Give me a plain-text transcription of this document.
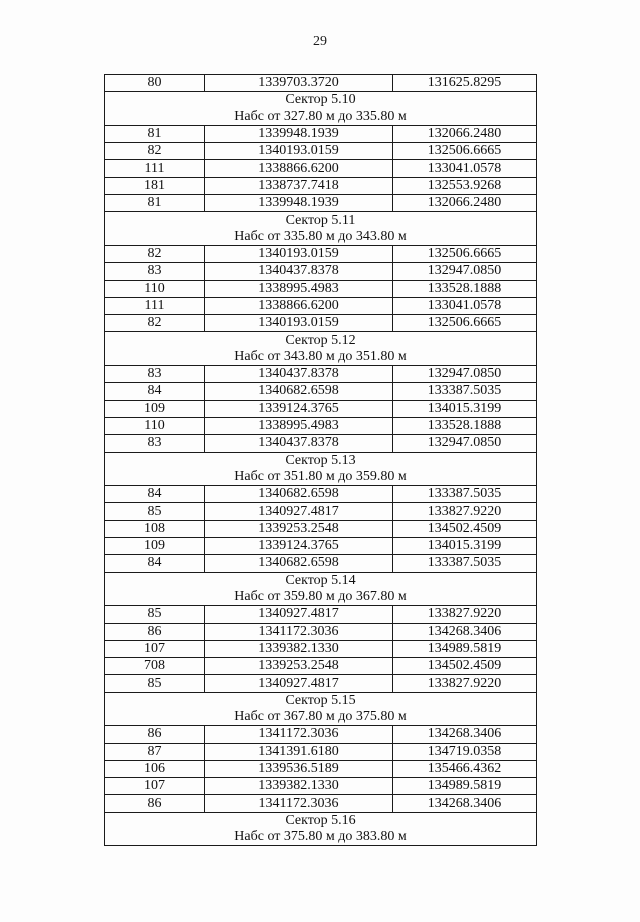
29
80	1339703.3720	131625.8295
Сектор 5.10		
Набс от 327.80 м до 335.80 м		
81	1339948.1939	132066.2480
82	1340193.0159	132506.6665
111	1338866.6200	133041.0578
181	1338737.7418	132553.9268
81	1339948.1939	132066.2480
Сектор 5.11		
Набс от 335.80 м до 343.80 м		
82	1340193.0159	132506.6665
83	1340437.8378	132947.0850
110	1338995.4983	133528.1888
111	1338866.6200	133041.0578
82	1340193.0159	132506.6665
Сектор 5.12		
Набс от 343.80 м до 351.80 м		
83	1340437.8378	132947.0850
84	1340682.6598	133387.5035
109	1339124.3765	134015.3199
110	1338995.4983	133528.1888
83	1340437.8378	132947.0850
Сектор 5.13		
Набс от 351.80 м до 359.80 м		
84	1340682.6598	133387.5035
85	1340927.4817	133827.9220
108	1339253.2548	134502.4509
109	1339124.3765	134015.3199
84	1340682.6598	133387.5035
Сектор 5.14		
Набс от 359.80 м до 367.80 м		
85	1340927.4817	133827.9220
86	1341172.3036	134268.3406
107	1339382.1330	134989.5819
708	1339253.2548	134502.4509
85	1340927.4817	133827.9220
Сектор 5.15		
Набс от 367.80 м до 375.80 м		
86	1341172.3036	134268.3406
87	1341391.6180	134719.0358
106	1339536.5189	135466.4362
107	1339382.1330	134989.5819
86	1341172.3036	134268.3406
Сектор 5.16		
Набс от 375.80 м до 383.80 м		
